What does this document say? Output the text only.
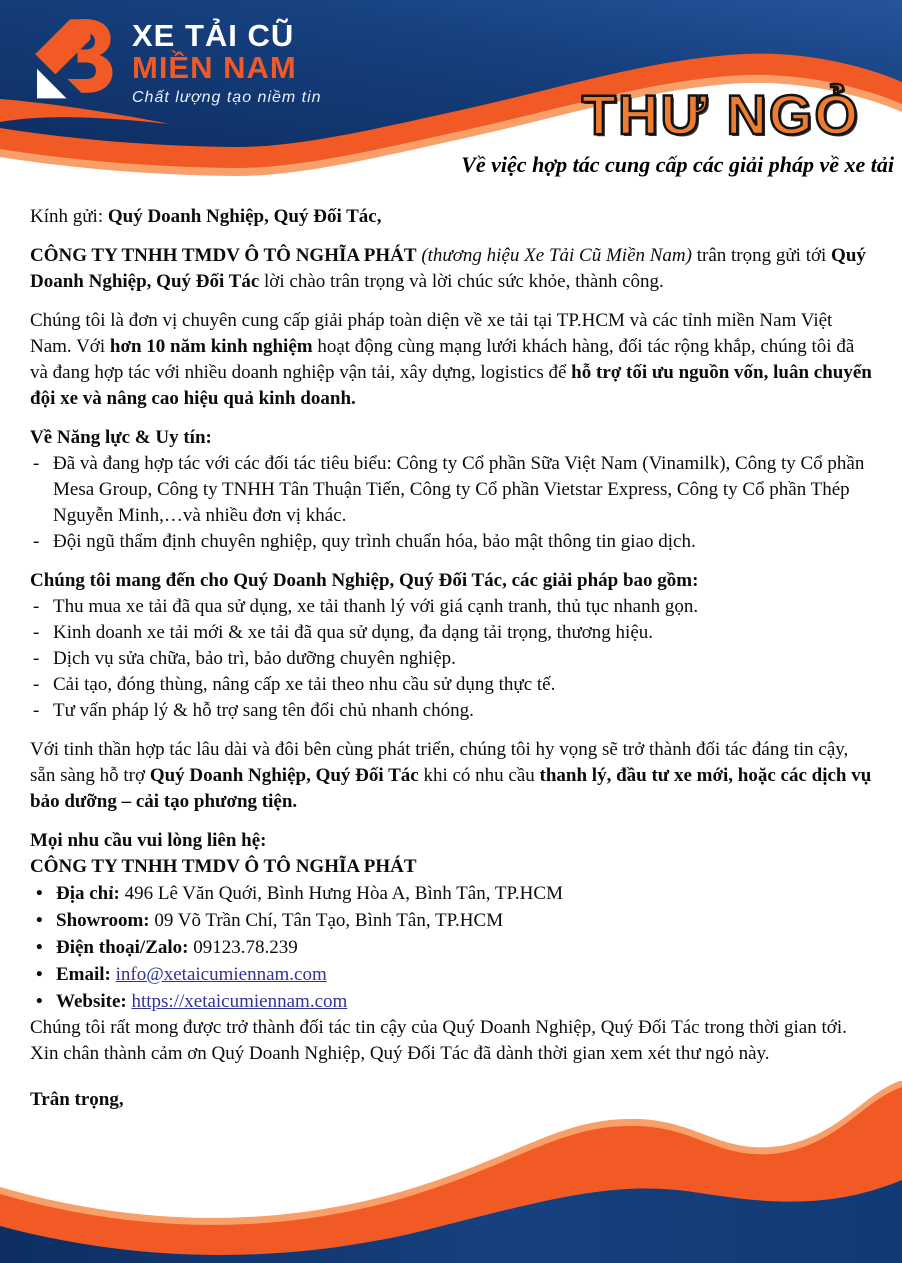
XE TẢI CŨ
MIỀN NAM
Chất lượng tạo niềm tin	THƯ NGỎ
Về việc hợp tác cung cấp các giải pháp về xe tải

Kính gửi: Quý Doanh Nghiệp, Quý Đối Tác,

CÔNG TY TNHH TMDV Ô TÔ NGHĨA PHÁT (thương hiệu Xe Tải Cũ Miền Nam) trân trọng gửi tới Quý Doanh Nghiệp, Quý Đối Tác lời chào trân trọng và lời chúc sức khỏe, thành công.

Chúng tôi là đơn vị chuyên cung cấp giải pháp toàn diện về xe tải tại TP.HCM và các tỉnh miền Nam Việt Nam. Với hơn 10 năm kinh nghiệm hoạt động cùng mạng lưới khách hàng, đối tác rộng khắp, chúng tôi đã và đang hợp tác với nhiều doanh nghiệp vận tải, xây dựng, logistics để hỗ trợ tối ưu nguồn vốn, luân chuyển đội xe và nâng cao hiệu quả kinh doanh.

Về Năng lực & Uy tín:
- Đã và đang hợp tác với các đối tác tiêu biểu: Công ty Cổ phần Sữa Việt Nam (Vinamilk), Công ty Cổ phần Mesa Group, Công ty TNHH Tân Thuận Tiến, Công ty Cổ phần Vietstar Express, Công ty Cổ phần Thép Nguyễn Minh,…và nhiều đơn vị khác.
- Đội ngũ thẩm định chuyên nghiệp, quy trình chuẩn hóa, bảo mật thông tin giao dịch.
Chúng tôi mang đến cho Quý Doanh Nghiệp, Quý Đối Tác, các giải pháp bao gồm:
- Thu mua xe tải đã qua sử dụng, xe tải thanh lý với giá cạnh tranh, thủ tục nhanh gọn.
- Kinh doanh xe tải mới & xe tải đã qua sử dụng, đa dạng tải trọng, thương hiệu.
- Dịch vụ sửa chữa, bảo trì, bảo dưỡng chuyên nghiệp.
- Cải tạo, đóng thùng, nâng cấp xe tải theo nhu cầu sử dụng thực tế.
- Tư vấn pháp lý & hỗ trợ sang tên đổi chủ nhanh chóng.

Với tinh thần hợp tác lâu dài và đôi bên cùng phát triển, chúng tôi hy vọng sẽ trở thành đối tác đáng tin cậy, sẵn sàng hỗ trợ Quý Doanh Nghiệp, Quý Đối Tác khi có nhu cầu thanh lý, đầu tư xe mới, hoặc các dịch vụ bảo dưỡng – cải tạo phương tiện.

Mọi nhu cầu vui lòng liên hệ:
CÔNG TY TNHH TMDV Ô TÔ NGHĨA PHÁT
• Địa chỉ: 496 Lê Văn Quới, Bình Hưng Hòa A, Bình Tân, TP.HCM
• Showroom: 09 Võ Trần Chí, Tân Tạo, Bình Tân, TP.HCM
• Điện thoại/Zalo: 09123.78.239
• Email: info@xetaicumiennam.com
• Website: https://xetaicumiennam.com

Chúng tôi rất mong được trở thành đối tác tin cậy của Quý Doanh Nghiệp, Quý Đối Tác trong thời gian tới. Xin chân thành cảm ơn Quý Doanh Nghiệp, Quý Đối Tác đã dành thời gian xem xét thư ngỏ này.

Trân trọng,
